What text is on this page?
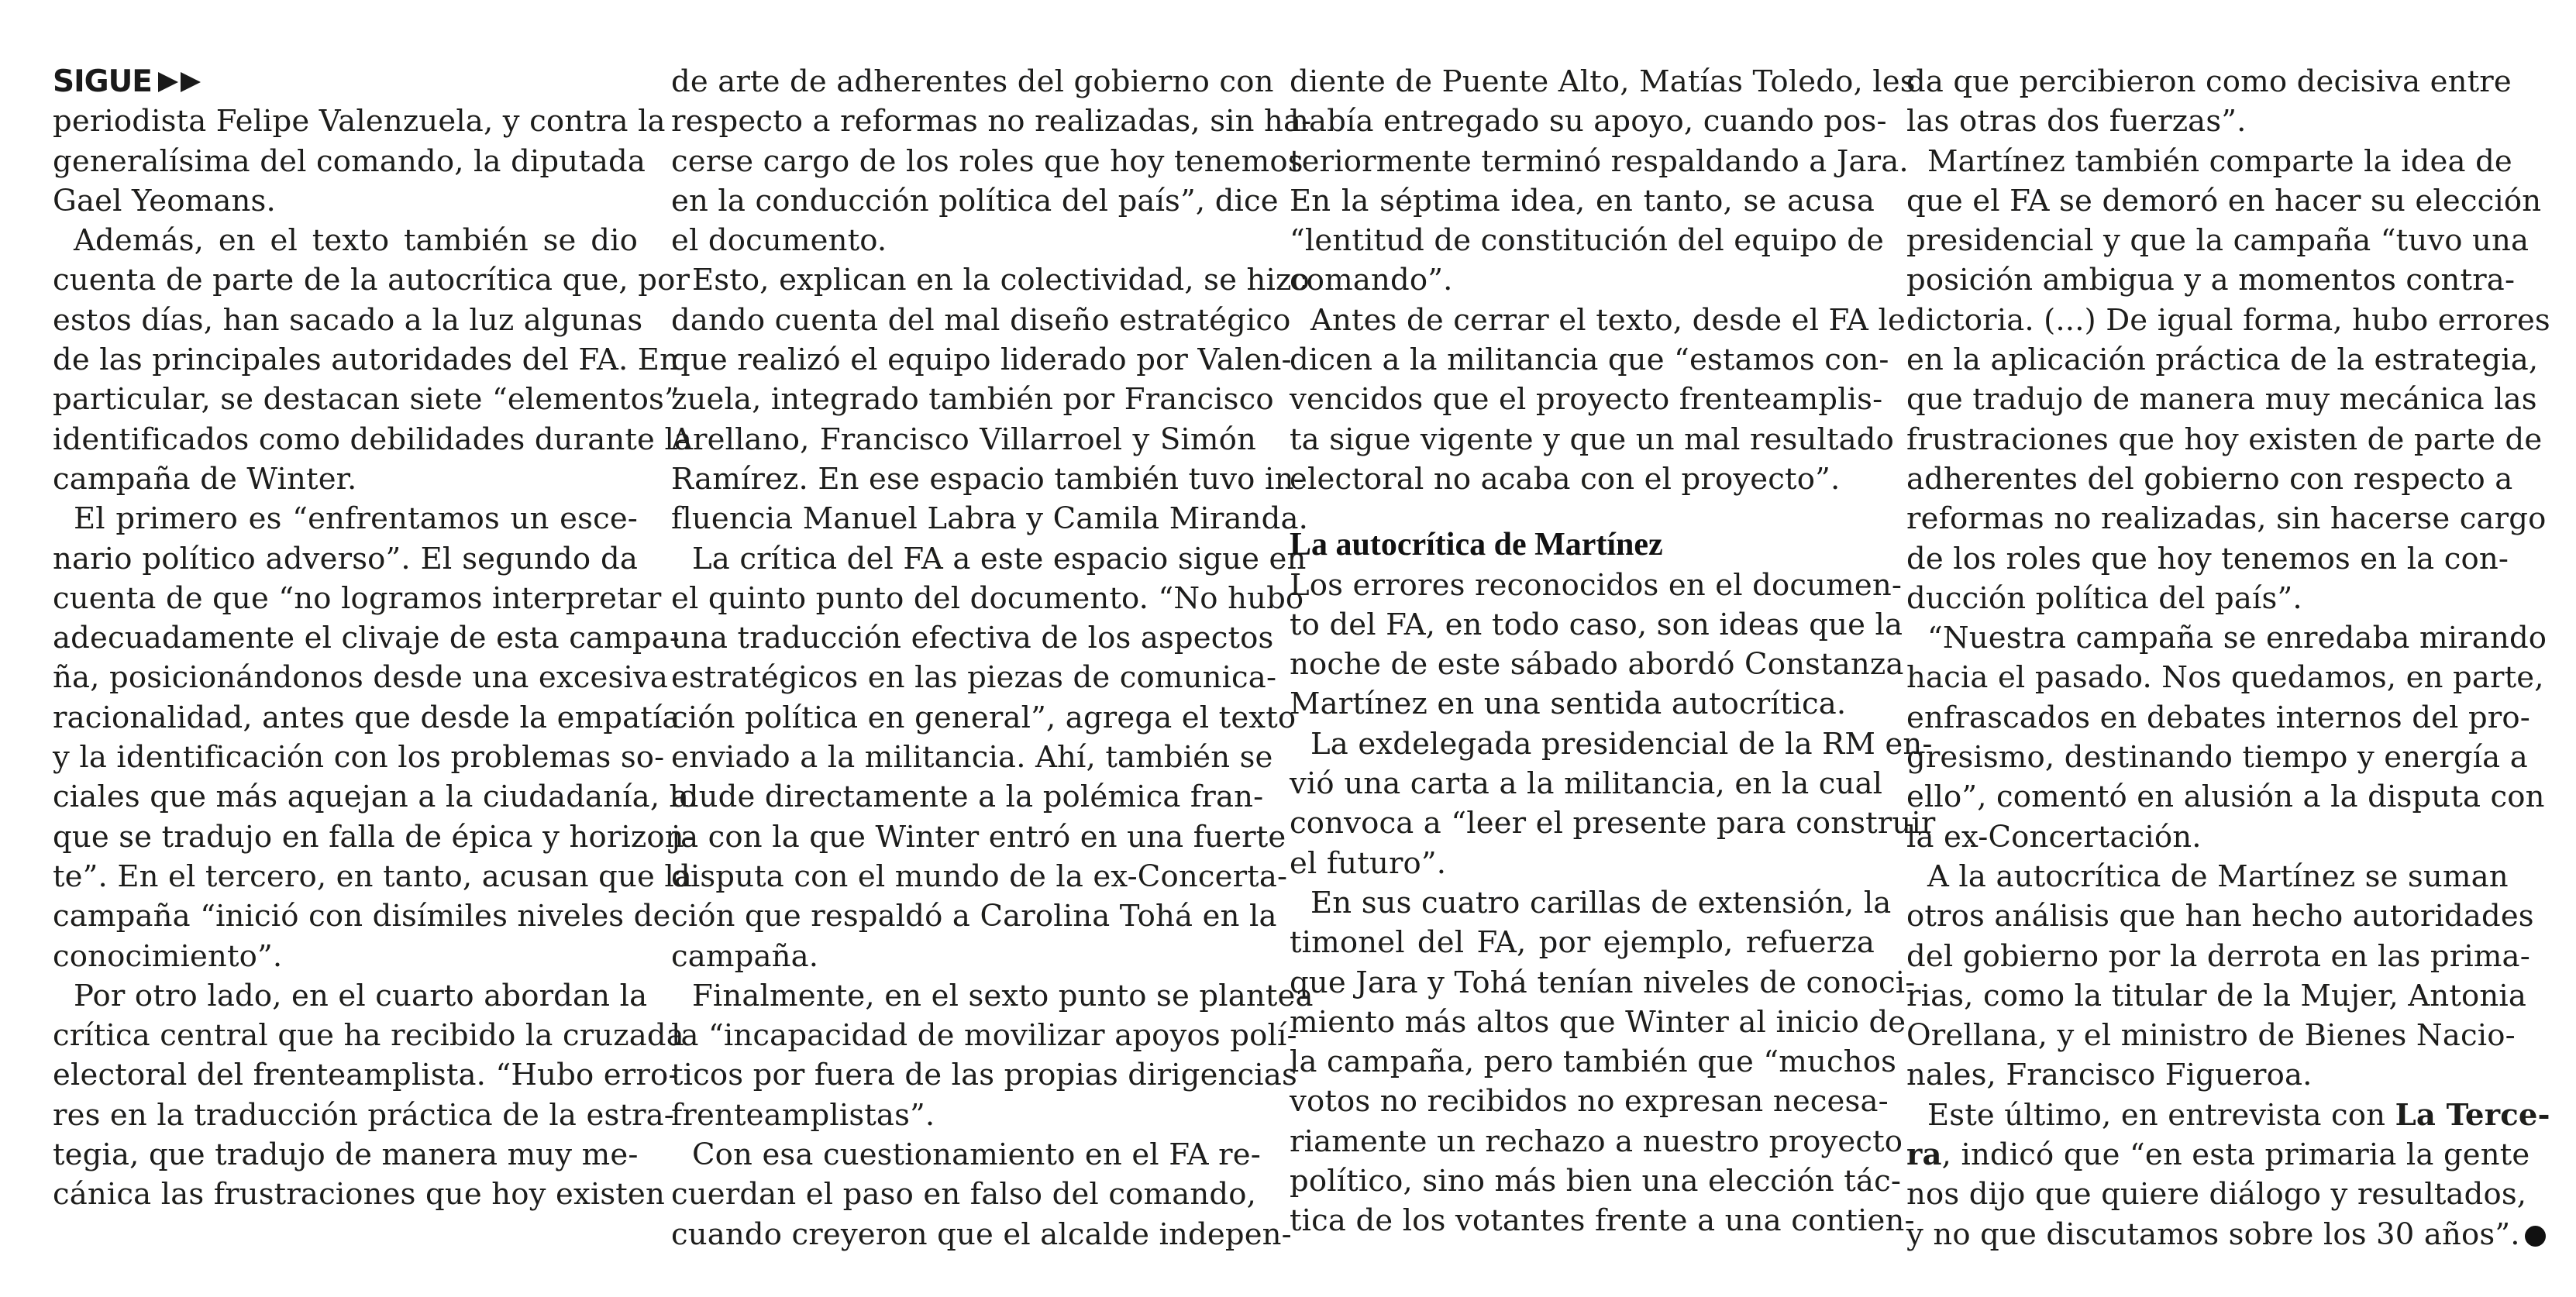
SIGUE
periodista Felipe Valenzuela, y contra la
generalísima del comando, la diputada
Gael Yeomans.
Además, en el texto también se dio
cuenta de parte de la autocrítica que, por
estos días, han sacado a la luz algunas
de las principales autoridades del FA. En
particular, se destacan siete “elementos”
identificados como debilidades durante la
campaña de Winter.
El primero es “enfrentamos un esce-
nario político adverso”. El segundo da
cuenta de que “no logramos interpretar
adecuadamente el clivaje de esta campa-
ña, posicionándonos desde una excesiva
racionalidad, antes que desde la empatía
y la identificación con los problemas so-
ciales que más aquejan a la ciudadanía, lo
que se tradujo en falla de épica y horizon-
te”. En el tercero, en tanto, acusan que la
campaña “inició con disímiles niveles de
conocimiento”.
Por otro lado, en el cuarto abordan la
crítica central que ha recibido la cruzada
electoral del frenteamplista. “Hubo erro-
res en la traducción práctica de la estra-
tegia, que tradujo de manera muy me-
cánica las frustraciones que hoy existen
de arte de adherentes del gobierno con
respecto a reformas no realizadas, sin ha-
cerse cargo de los roles que hoy tenemos
en la conducción política del país”, dice
el documento.
Esto, explican en la colectividad, se hizo
dando cuenta del mal diseño estratégico
que realizó el equipo liderado por Valen-
zuela, integrado también por Francisco
Arellano, Francisco Villarroel y Simón
Ramírez. En ese espacio también tuvo in-
fluencia Manuel Labra y Camila Miranda.
La crítica del FA a este espacio sigue en
el quinto punto del documento. “No hubo
una traducción efectiva de los aspectos
estratégicos en las piezas de comunica-
ción política en general”, agrega el texto
enviado a la militancia. Ahí, también se
alude directamente a la polémica fran-
ja con la que Winter entró en una fuerte
disputa con el mundo de la ex-Concerta-
ción que respaldó a Carolina Tohá en la
campaña.
Finalmente, en el sexto punto se plantea
la “incapacidad de movilizar apoyos polí-
ticos por fuera de las propias dirigencias
frenteamplistas”.
Con esa cuestionamiento en el FA re-
cuerdan el paso en falso del comando,
cuando creyeron que el alcalde indepen-
diente de Puente Alto, Matías Toledo, les
había entregado su apoyo, cuando pos-
teriormente terminó respaldando a Jara.
En la séptima idea, en tanto, se acusa
“lentitud de constitución del equipo de
comando”.
Antes de cerrar el texto, desde el FA le
dicen a la militancia que “estamos con-
vencidos que el proyecto frenteamplis-
ta sigue vigente y que un mal resultado
electoral no acaba con el proyecto”.
La autocrítica de Martínez
Los errores reconocidos en el documen-
to del FA, en todo caso, son ideas que la
noche de este sábado abordó Constanza
Martínez en una sentida autocrítica.
La exdelegada presidencial de la RM en-
vió una carta a la militancia, en la cual
convoca a “leer el presente para construir
el futuro”.
En sus cuatro carillas de extensión, la
timonel del FA, por ejemplo, refuerza
que Jara y Tohá tenían niveles de conoci-
miento más altos que Winter al inicio de
la campaña, pero también que “muchos
votos no recibidos no expresan necesa-
riamente un rechazo a nuestro proyecto
político, sino más bien una elección tác-
tica de los votantes frente a una contien-
da que percibieron como decisiva entre
las otras dos fuerzas”.
Martínez también comparte la idea de
que el FA se demoró en hacer su elección
presidencial y que la campaña “tuvo una
posición ambigua y a momentos contra-
dictoria. (...) De igual forma, hubo errores
en la aplicación práctica de la estrategia,
que tradujo de manera muy mecánica las
frustraciones que hoy existen de parte de
adherentes del gobierno con respecto a
reformas no realizadas, sin hacerse cargo
de los roles que hoy tenemos en la con-
ducción política del país”.
“Nuestra campaña se enredaba mirando
hacia el pasado. Nos quedamos, en parte,
enfrascados en debates internos del pro-
gresismo, destinando tiempo y energía a
ello”, comentó en alusión a la disputa con
la ex-Concertación.
A la autocrítica de Martínez se suman
otros análisis que han hecho autoridades
del gobierno por la derrota en las prima-
rias, como la titular de la Mujer, Antonia
Orellana, y el ministro de Bienes Nacio-
nales, Francisco Figueroa.
Este último, en entrevista con La Terce-
ra, indicó que “en esta primaria la gente
nos dijo que quiere diálogo y resultados,
y no que discutamos sobre los 30 años”.
